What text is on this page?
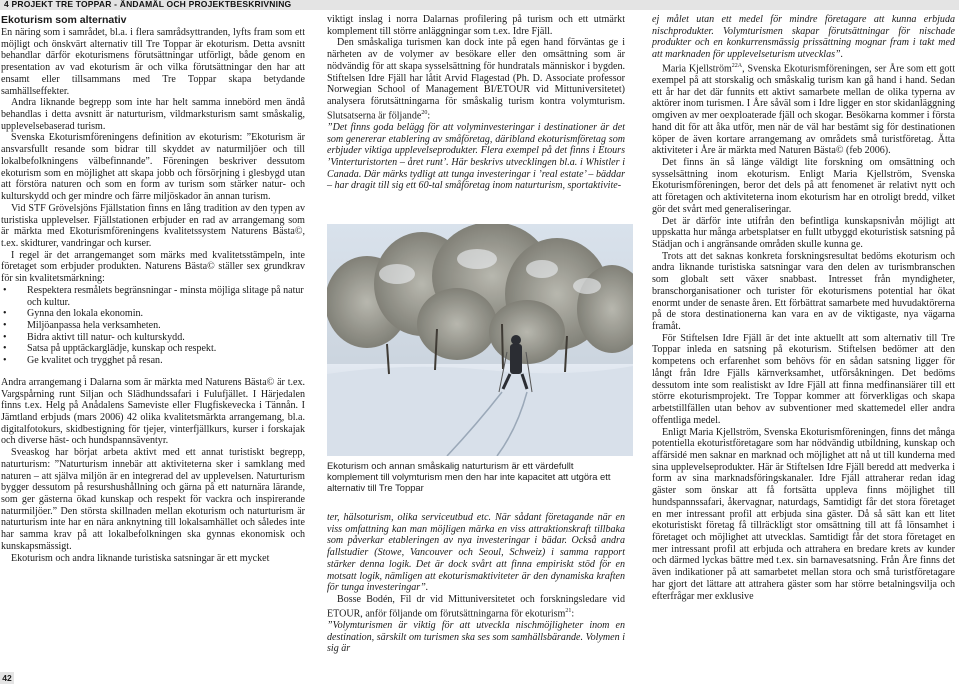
4 PROJEKT TRE TOPPAR - ÄNDAMÅL OCH PROJEKTBESKRIVNING
Ekoturism som alternativ

En näring som i samrådet, bl.a. i flera samrådsyttranden, lyfts fram som ett möjligt och önskvärt alternativ till Tre Toppar är ekoturism. Detta avsnitt behandlar därför ekoturismens förutsättningar utförligt, både genom en presentation av vad ekoturism är och vilka förutsättningar den har att ensamt eller tillsammans med Tre Toppar skapa betydande samhällseffekter.

Andra liknande begrepp som inte har helt samma innebörd men ändå behandlas i detta avsnitt är naturturism, vildmarksturism samt småskalig, upplevelsebaserad turism.

Svenska Ekoturismföreningens definition av ekoturism: ”Ekoturism är ansvarsfullt resande som bidrar till skyddet av naturmiljöer och till lokalbefolkningens välbefinnande”. Föreningen beskriver dessutom ekoturism som en möjlighet att skapa jobb och försörjning i glesbygd utan att förstöra naturen och som en form av turism som stärker natur- och kulturskydd och ger mindre och färre miljöskador än annan turism.

Vid STF Grövelsjöns Fjällstation finns en lång tradition av den typen av turistiska upplevelser. Fjällstationen erbjuder en rad av arrangemang som är märkta med Ekoturismföreningens kvalitetssystem Naturens Bästa©, t.ex. skidturer, vandringar och kurser.

I regel är det arrangemanget som märks med kvalitetsstämpeln, inte företaget som erbjuder produkten. Naturens Bästa© ställer sex grundkrav för sin kvalitetsmärkning:

• Respektera resmålets begränsningar - minsta möjliga slitage på natur och kultur.
• Gynna den lokala ekonomin.
• Miljöanpassa hela verksamheten.
• Bidra aktivt till natur- och kulturskydd.
• Satsa på upptäckarglädje, kunskap och respekt.
• Ge kvalitet och trygghet på resan.

Andra arrangemang i Dalarna som är märkta med Naturens Bästa© är t.ex. Vargspårning runt Siljan och Slädhundssafari i Fulufjället. I Härjedalen finns t.ex. Helg på Anådalens Sameviste eller Flugfiskevecka i Tännån. I Jämtland erbjuds (mars 2006) 42 olika kvalitetsmärkta arrangemang, bl.a. digitalfotokurs, skidbestigning för tjejer, vinterfjällkurs, kurser i forskajak och diverse häst- och hundspannsäventyr.

Sveaskog har börjat arbeta aktivt med ett annat turistiskt begrepp, naturturism: ”Naturturism innebär att aktiviteterna sker i samklang med naturen – att själva miljön är en integrerad del av upplevelsen. Naturturism bygger dessutom på resurshushållning och gärna på ett naturnära lärande, som ger gästerna ökad kunskap och respekt för vackra och inspirerande naturmiljöer.” Den största skillnaden mellan ekoturism och naturturism är naturturism inte har en nära anknytning till lokalsamhället och således inte har samma krav på att lokalbefolkningen ska gynnas ekonomisk och kunskapsmässigt.

Ekoturism och andra liknande turistiska satsningar är ett mycket

viktigt inslag i norra Dalarnas profilering på turism och ett utmärkt komplement till större anläggningar som t.ex. Idre Fjäll.

Den småskaliga turismen kan dock inte på egen hand förväntas ge i närheten av de volymer av besökare eller den omsättning som är nödvändig för att skapa sysselsättning för hundratals människor i bygden. Stiftelsen Idre Fjäll har låtit Arvid Flagestad (Ph. D. Associate professor Norwegian School of Management BI/ETOUR vid Mittuniversitetet) analysera förutsättningarna för småskalig turism kontra volymturism. Slutsatserna är följande$^{20}$:

”Det finns goda belägg för att volyminvesteringar i destinationer är det som genererar etablering av småföretag, däribland ekoturismföretag som erbjuder viktiga upplevelseprodukter. Flera exempel på det finns i Etours ’Vinterturistorten – året runt’. Här beskrivs utvecklingen bl.a. i Whistler i Canada. Där märks tydligt att tunga investeringar i ’real estate’ – bäddar – har dragit till sig ett 60-tal småföretag inom naturturism, sportaktivite-

Ekoturism och annan småskalig naturturism är ett värdefullt komplement till volymturism men den har inte kapacitet att utgöra ett alternativ till Tre Toppar

ter, hälsoturism, olika servicеutbud etc. När sådant företagande när en viss omfattning kan man möjligen märka en viss attraktionskraft tillbaka som påverkar etableringen av nya investeringar i bädar. Också andra fallstudier (Stowe, Vancouver och Seoul, Schweiz) i samma rapport stärker denna logik. Det är dock svårt att finna empiriskt stöd för en motsatt logik, nämligen att ekoturismaktiviteter är den dynamiska kraften för tunga investeringar”.

Bosse Bodén, Fil dr vid Mittuniversitetet och forskningsledare vid ETOUR, anför följande om förutsättningarna för ekoturism$^{21}$:

”Volymturismen är viktig för att utveckla nischmöjligheter inom en destination, särskilt om turismen ska ses som samhällsbärande. Volymen i sig är

ej målet utan ett medel för mindre företagare att kunna erbjuda nischprodukter. Volymturismen skapar förutsättningar för nischade produkter och en konkurrensmässig prissättning mognar fram i takt med att marknaden för upplevelseturism utvecklas”.

Maria Kjellström$^{22A}$, Svenska Ekoturismföreningen, ser Åre som ett gott exempel på att storskalig och småskalig turism kan gå hand i hand. Sedan ett år har det där funnits ett aktivt samarbete mellan de olika typerna av aktörer inom turismen. I Åre såväl som i Idre ligger en stor skidanläggning omgiven av mer oexploaterade fjäll och skogar. Besökarna kommer i första hand dit för att åka utför, men när de väl har bestämt sig för destinationen köper de även kortare arrangemang av områdets små turistföretag. Ätta aktiviteter i Åre är märkta med Naturen Bästa© (feb 2006).

Det finns än så länge väldigt lite forskning om omsättning och sysselsättning inom ekoturism. Enligt Maria Kjellström, Svenska Ekoturismföreningen, beror det dels på att fenomenet är relativt nytt och att företagen och aktiviteterna inom ekoturism har en otroligt bredd, vilket gör det svårt med generaliseringar.

Det är därför inte utifrån den befintliga kunskapsnivån möjligt att uppskatta hur många arbetsplatser en fullt utbyggd ekoturistisk satsning på Städjan och i angränsande områden skulle kunna ge.

Trots att det saknas konkreta forskningsresultat bedöms ekoturism och andra liknande turistiska satsningar vara den delen av turismbranschen som globalt sett växer snabbast. Intresset från myndigheter, branschorganisationer och turister för ekoturismens potential har ökat enormt under de senaste åren. Ett förbättrat samarbete med huvudaktörerna på de stora destinationerna kan vara en av de viktigaste, nya vägarna framåt.

För Stiftelsen Idre Fjäll är det inte aktuellt att som alternativ till Tre Toppar inleda en satsning på ekoturism. Stiftelsen bedömer att den kompetens och erfarenhet som behövs för en sådan satsning ligger för långt från Idre Fjälls kärnverksamhet, utförsåkningen. Det bedöms dessutom inte som realistiskt av Idre Fjäll att finna medfinansiärer till ett större ekoturismprojekt. Tre Toppar kommer att förverkligas och skapa arbetstillfällen utan behov av subventioner med skattemedel eller andra offentliga medel.

Enligt Maria Kjellström, Svenska Ekoturismföreningen, finns det många potentiella ekoturistföretagare som har nödvändig utbildning, kunskap och affärsidé men saknar en marknad och möjlighet att nå ut till kunderna med sina upplevelseprodukter. Här är Stiftelsen Idre Fjäll beredd att medverka i form av sina marknadsföringskanaler. Idre Fjäll attraherar redan idag gäster som önskar att få fortsätta uppleva finns möjlighet till hundspannssafari, åkervagnar, naturdags, Samtidigt får det stora företaget en mer intressant profil att erbjuda sina gäster. Då så sätt kan ett litet ekoturistiskt företag få tillräckligt stor omsättning till att få lönsamhet i företaget och möjlighet att utvecklas. Samtidigt får det stora företaget en mer intressant profil att erbjuda och attrahera en bredare krets av kunder och därmed lyckas bättre med t.ex. sin barnavesatsning. Från Åre finns det även indikationer på att samarbetet mellan stora och små turistföretagare har gjort det lättare att attrahera gäster som har större betalningsvilja och efterfrågar mer exklusive

42
